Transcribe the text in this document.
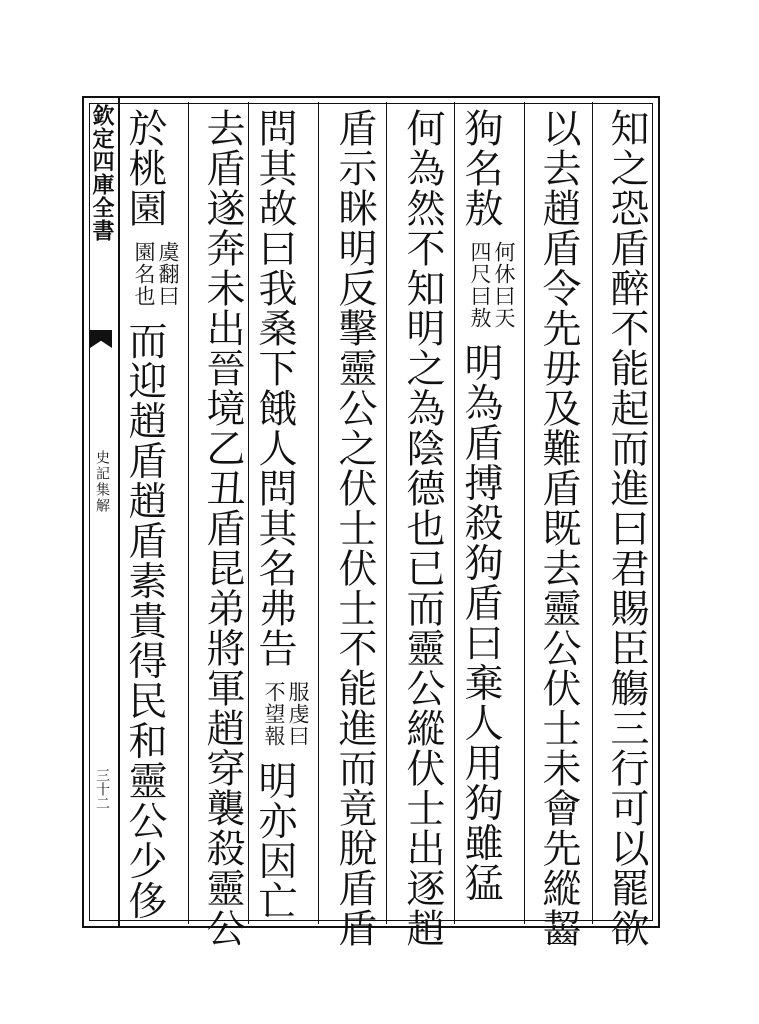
欽定四庫全書
史記集解
三十二	知之恐盾醉不能起而進曰君賜臣觴三行可以罷欲
以去趙盾令先毋及難盾既去靈公伏士未會先縱齧
狗名敖
何休曰天
四尺曰敖
明為盾搏殺狗盾曰棄人用狗雖猛
何為然不知明之為陰德也已而靈公縱伏士出逐趙
盾示眯明反擊靈公之伏士伏士不能進而竟脫盾盾
問其故曰我桑下餓人問其名弗告
服虔曰
不望報
明亦因亡
去盾遂奔未出晉境乙丑盾昆弟將軍趙穿襲殺靈公
於桃園
虞翻曰
園名也
而迎趙盾趙盾素貴得民和靈公少侈
